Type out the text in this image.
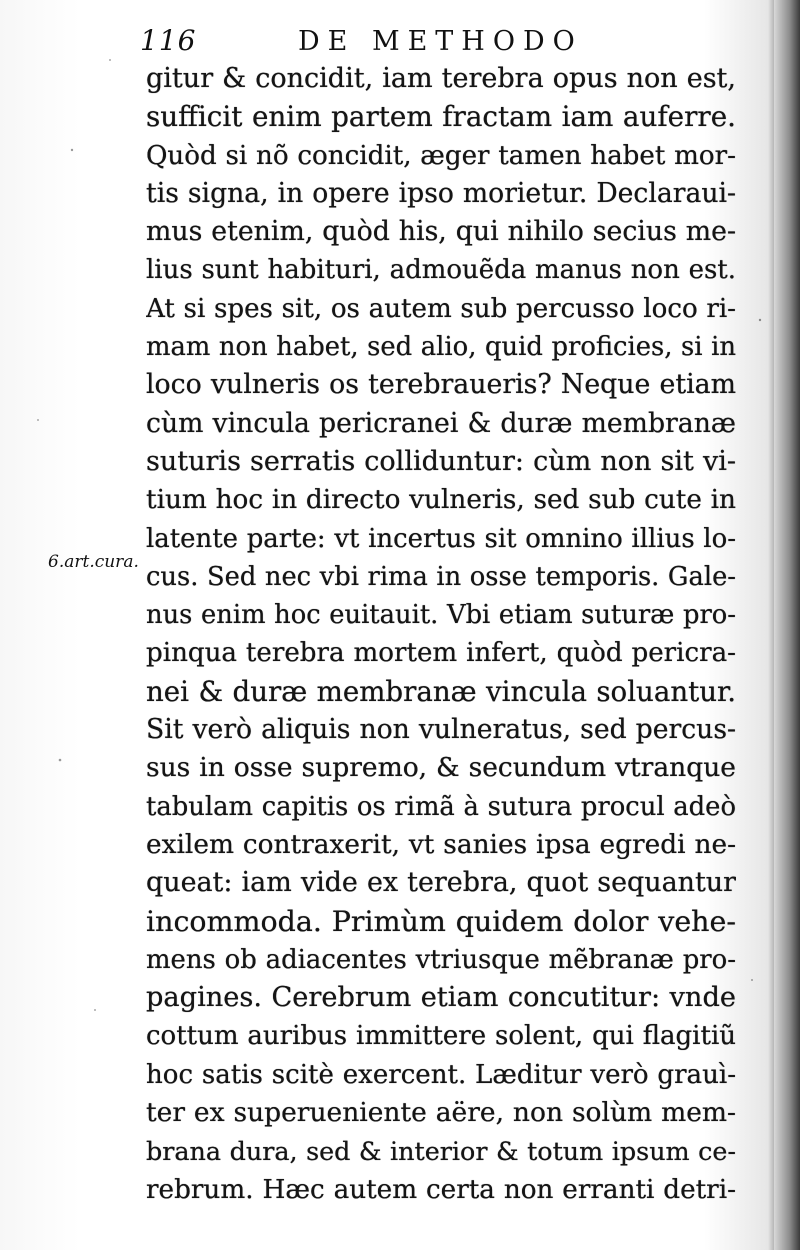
116	DE METHODO
6.art.cura.
gitur & concidit, iam terebra opus non est,
sufficit enim partem fractam iam auferre.
Quòd si nõ concidit, æger tamen habet mor-
tis signa, in opere ipso morietur. Declaraui-
mus etenim, quòd his, qui nihilo secius me-
lius sunt habituri, admouẽda manus non est.
At si spes sit, os autem sub percusso loco ri-
mam non habet, sed alio, quid proficies, si in
loco vulneris os terebraueris? Neque etiam
cùm vincula pericranei & duræ membranæ
suturis serratis colliduntur: cùm non sit vi-
tium hoc in directo vulneris, sed sub cute in
latente parte: vt incertus sit omnino illius lo-
cus. Sed nec vbi rima in osse temporis. Gale-
nus enim hoc euitauit. Vbi etiam suturæ pro-
pinqua terebra mortem infert, quòd pericra-
nei & duræ membranæ vincula soluantur.
Sit verò aliquis non vulneratus, sed percus-
sus in osse supremo, & secundum vtranque
tabulam capitis os rimã à sutura procul adeò
exilem contraxerit, vt sanies ipsa egredi ne-
queat: iam vide ex terebra, quot sequantur
incommoda. Primùm quidem dolor vehe-
mens ob adiacentes vtriusque mẽbranæ pro-
pagines. Cerebrum etiam concutitur: vnde
cottum auribus immittere solent, qui flagitiũ
hoc satis scitè exercent. Læditur verò grauì-
ter ex superueniente aëre, non solùm mem-
brana dura, sed & interior & totum ipsum ce-
rebrum. Hæc autem certa non erranti detri-
